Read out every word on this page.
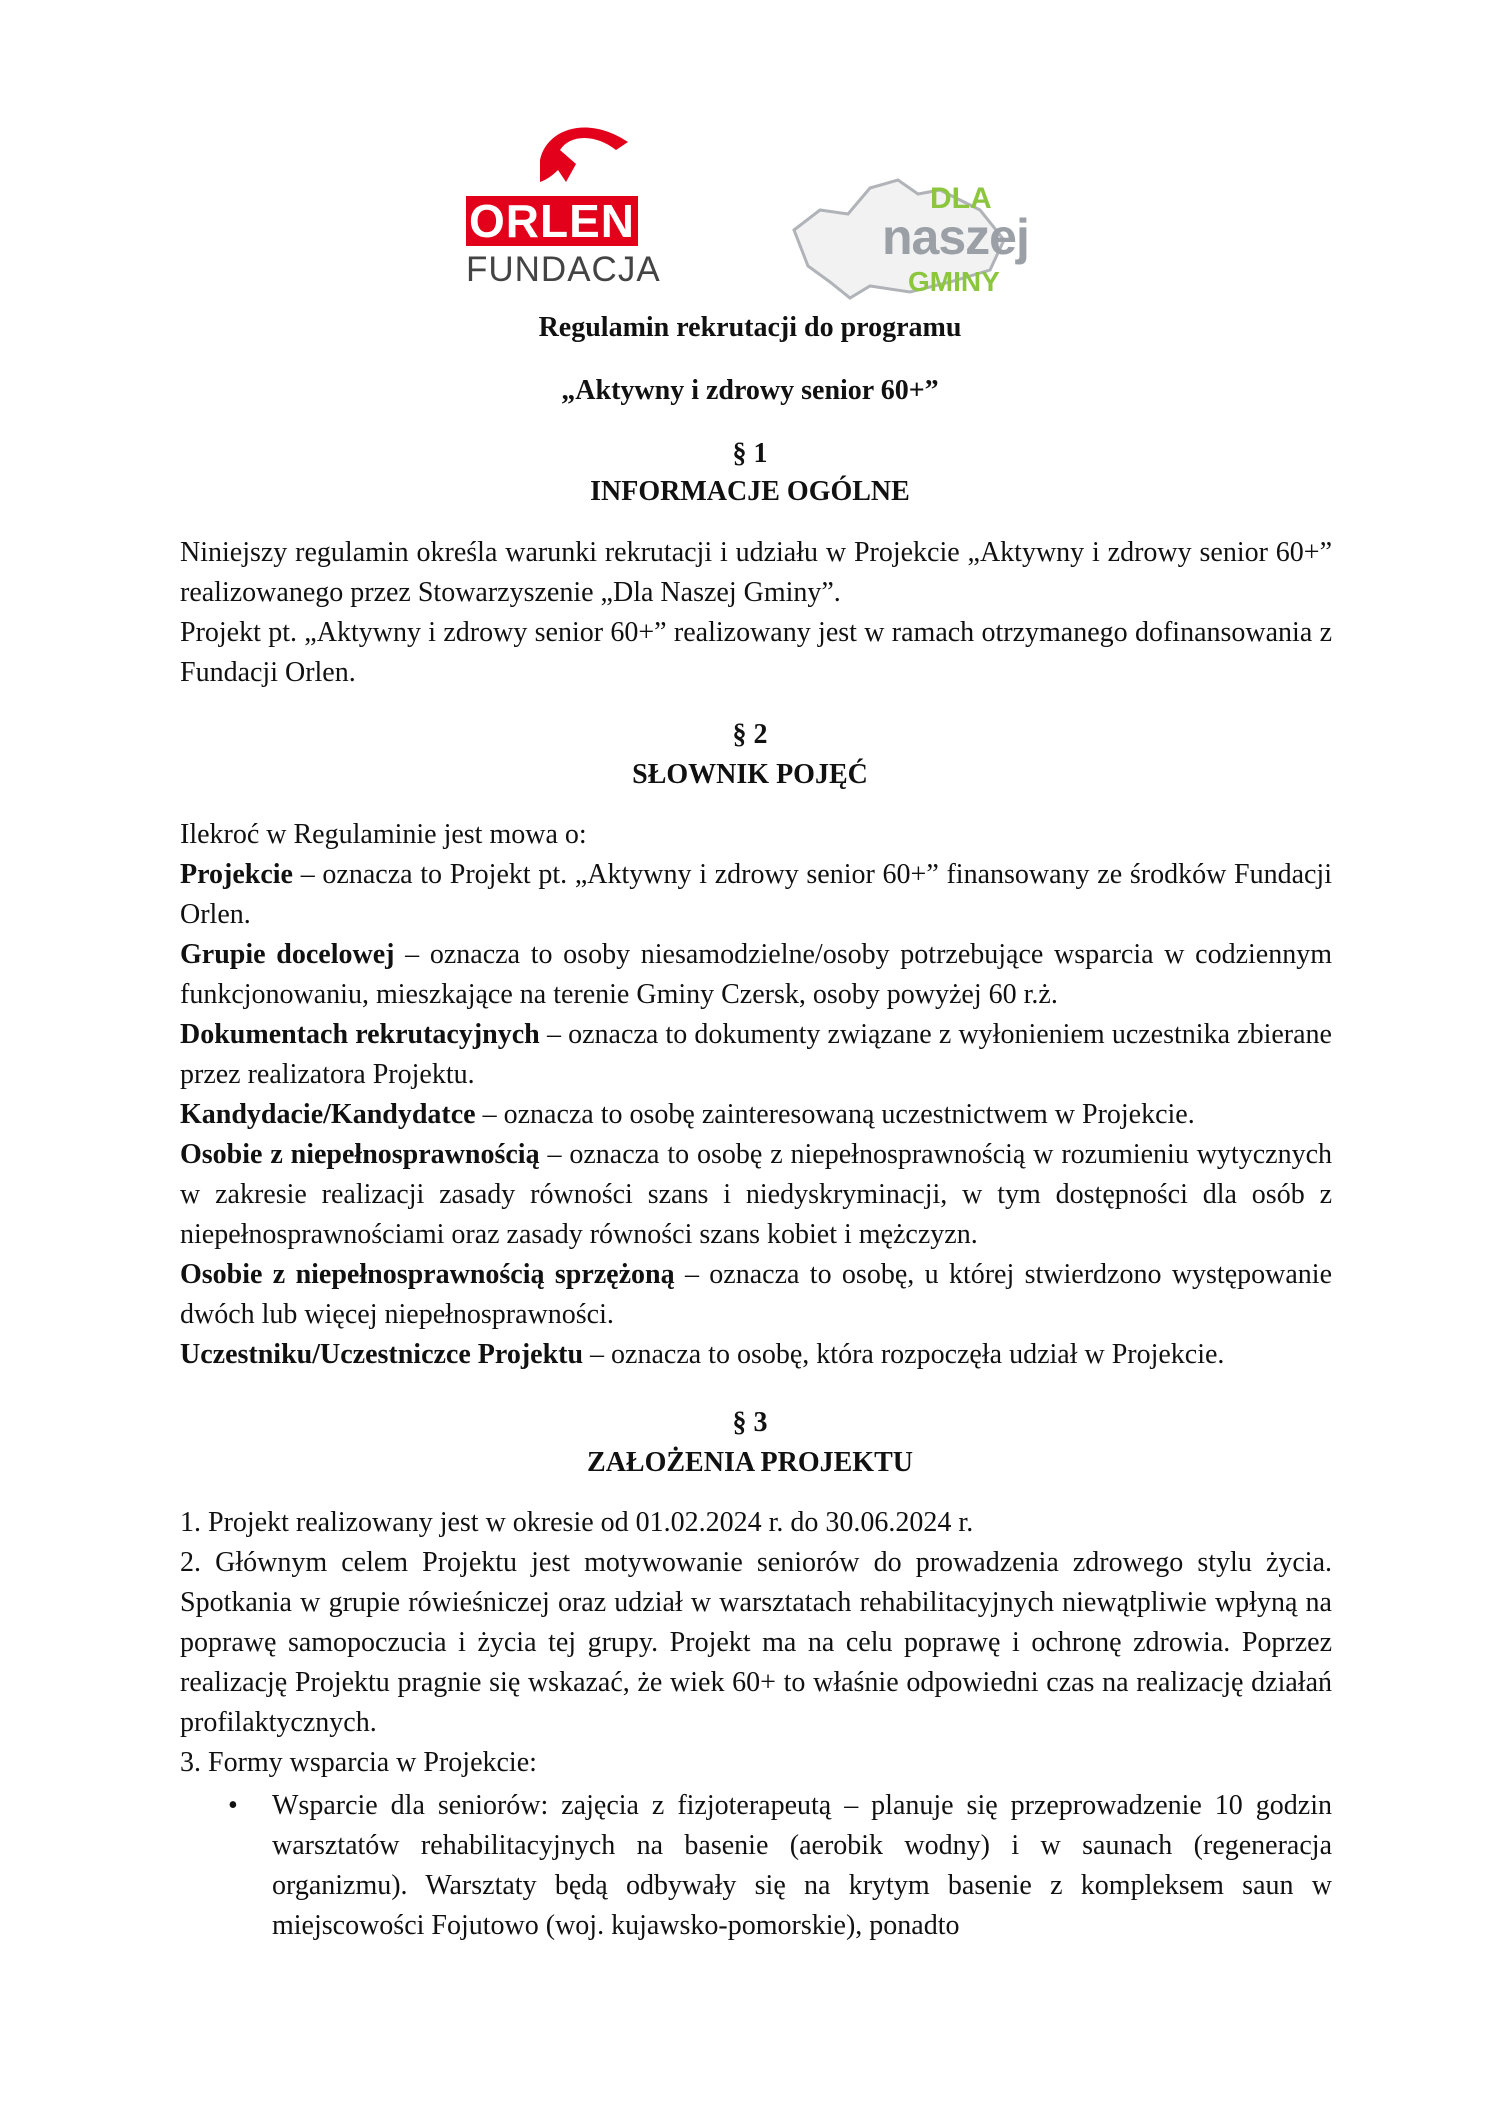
ORLEN
FUNDACJA
DLA
naszej
GMINY
Regulamin rekrutacji do programu
„Aktywny i zdrowy senior 60+”
§ 1
INFORMACJE OGÓLNE

Niniejszy regulamin określa warunki rekrutacji i udziału w Projekcie „Aktywny i zdrowy senior 60+” realizowanego przez Stowarzyszenie „Dla Naszej Gminy”.

Projekt pt. „Aktywny i zdrowy senior 60+” realizowany jest w ramach otrzymanego dofinansowania z Fundacji Orlen.

§ 2
SŁOWNIK POJĘĆ

Ilekroć w Regulaminie jest mowa o:

Projekcie – oznacza to Projekt pt. „Aktywny i zdrowy senior 60+” finansowany ze środków Fundacji Orlen.

Grupie docelowej – oznacza to osoby niesamodzielne/osoby potrzebujące wsparcia w codziennym funkcjonowaniu, mieszkające na terenie Gminy Czersk, osoby powyżej 60 r.ż.

Dokumentach rekrutacyjnych – oznacza to dokumenty związane z wyłonieniem uczestnika zbierane przez realizatora Projektu.

Kandydacie/Kandydatce – oznacza to osobę zainteresowaną uczestnictwem w Projekcie.

Osobie z niepełnosprawnością – oznacza to osobę z niepełnosprawnością w rozumieniu wytycznych w zakresie realizacji zasady równości szans i niedyskryminacji, w tym dostępności dla osób z niepełnosprawnościami oraz zasady równości szans kobiet i mężczyzn.

Osobie z niepełnosprawnością sprzężoną – oznacza to osobę, u której stwierdzono występowanie dwóch lub więcej niepełnosprawności.

Uczestniku/Uczestniczce Projektu – oznacza to osobę, która rozpoczęła udział w Projekcie.

§ 3
ZAŁOŻENIA PROJEKTU

1. Projekt realizowany jest w okresie od 01.02.2024 r. do 30.06.2024 r.

2. Głównym celem Projektu jest motywowanie seniorów do prowadzenia zdrowego stylu życia. Spotkania w grupie rówieśniczej oraz udział w warsztatach rehabilitacyjnych niewątpliwie wpłyną na poprawę samopoczucia i życia tej grupy. Projekt ma na celu poprawę i ochronę zdrowia. Poprzez realizację Projektu pragnie się wskazać, że wiek 60+ to właśnie odpowiedni czas na realizację działań profilaktycznych.

3. Formy wsparcia w Projekcie:

• Wsparcie dla seniorów: zajęcia z fizjoterapeutą – planuje się przeprowadzenie 10 godzin warsztatów rehabilitacyjnych na basenie (aerobik wodny) i w saunach (regeneracja organizmu). Warsztaty będą odbywały się na krytym basenie z kompleksem saun w miejscowości Fojutowo (woj. kujawsko-pomorskie), ponadto
